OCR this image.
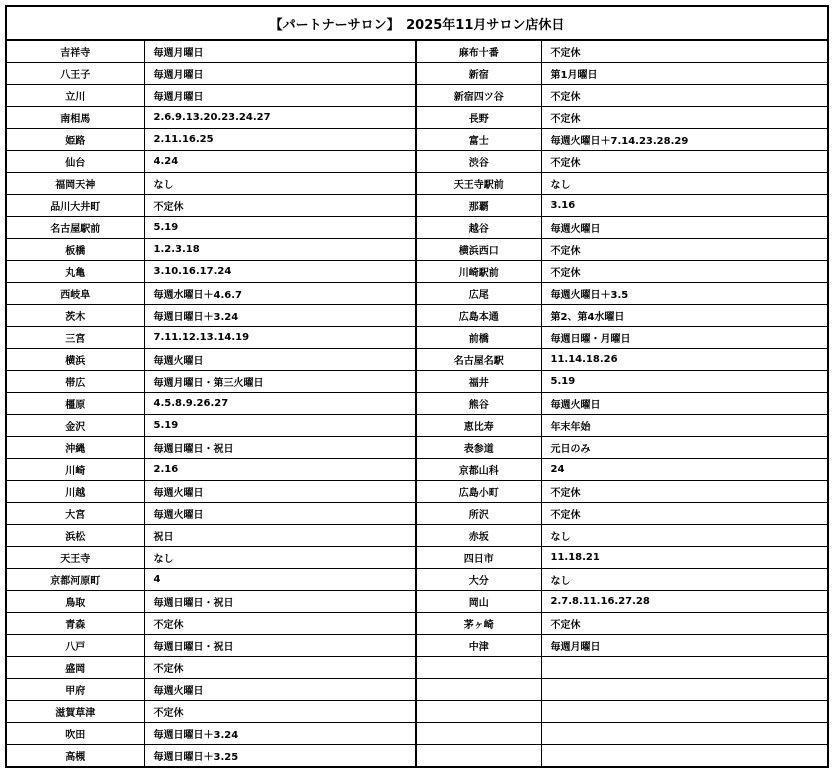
【パートナーサロン】　2025年11月サロン店休日			
吉祥寺	毎週月曜日	麻布十番	不定休
八王子	毎週月曜日	新宿	第1月曜日
立川	毎週月曜日	新宿四ツ谷	不定休
南相馬	2.6.9.13.20.23.24.27	長野	不定休
姫路	2.11.16.25	富士	毎週火曜日＋7.14.23.28.29
仙台	4.24	渋谷	不定休
福岡天神	なし	天王寺駅前	なし
品川大井町	不定休	那覇	3.16
名古屋駅前	5.19	越谷	毎週火曜日
板橋	1.2.3.18	横浜西口	不定休
丸亀	3.10.16.17.24	川崎駅前	不定休
西岐阜	毎週水曜日＋4.6.7	広尾	毎週火曜日＋3.5
茨木	毎週日曜日＋3.24	広島本通	第2、第4水曜日
三宮	7.11.12.13.14.19	前橋	毎週日曜・月曜日
横浜	毎週火曜日	名古屋名駅	11.14.18.26
帯広	毎週月曜日・第三火曜日	福井	5.19
橿原	4.5.8.9.26.27	熊谷	毎週火曜日
金沢	5.19	恵比寿	年末年始
沖縄	毎週日曜日・祝日	表参道	元日のみ
川崎	2.16	京都山科	24
川越	毎週火曜日	広島小町	不定休
大宮	毎週火曜日	所沢	不定休
浜松	祝日	赤坂	なし
天王寺	なし	四日市	11.18.21
京都河原町	4	大分	なし
鳥取	毎週日曜日・祝日	岡山	2.7.8.11.16.27.28
青森	不定休	茅ヶ崎	不定休
八戸	毎週日曜日・祝日	中津	毎週月曜日
盛岡	不定休		
甲府	毎週火曜日		
滋賀草津	不定休		
吹田	毎週日曜日＋3.24		
高槻	毎週日曜日＋3.25		
